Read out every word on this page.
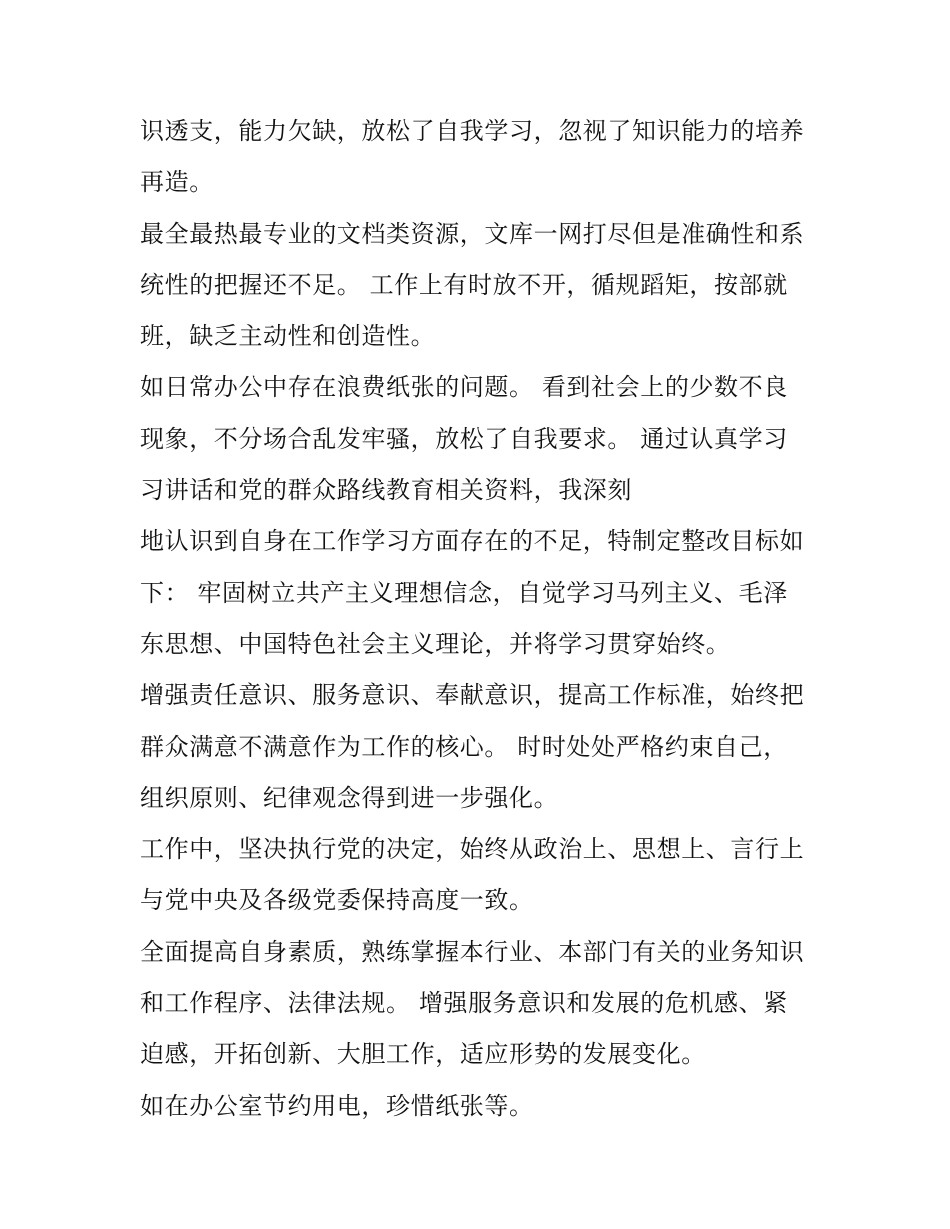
识透支，能力欠缺，放松了自我学习，忽视了知识能力的培养
再造。
最全最热最专业的文档类资源，文库一网打尽但是准确性和系
统性的把握还不足。 工作上有时放不开，循规蹈矩，按部就
班，缺乏主动性和创造性。
如日常办公中存在浪费纸张的问题。 看到社会上的少数不良
现象，不分场合乱发牢骚，放松了自我要求。 通过认真学习
习讲话和党的群众路线教育相关资料，我深刻
地认识到自身在工作学习方面存在的不足，特制定整改目标如
下： 牢固树立共产主义理想信念，自觉学习马列主义、毛泽
东思想、中国特色社会主义理论，并将学习贯穿始终。
增强责任意识、服务意识、奉献意识，提高工作标准，始终把
群众满意不满意作为工作的核心。 时时处处严格约束自己，
组织原则、纪律观念得到进一步强化。
工作中，坚决执行党的决定，始终从政治上、思想上、言行上
与党中央及各级党委保持高度一致。
全面提高自身素质，熟练掌握本行业、本部门有关的业务知识
和工作程序、法律法规。 增强服务意识和发展的危机感、紧
迫感，开拓创新、大胆工作，适应形势的发展变化。
如在办公室节约用电，珍惜纸张等。
